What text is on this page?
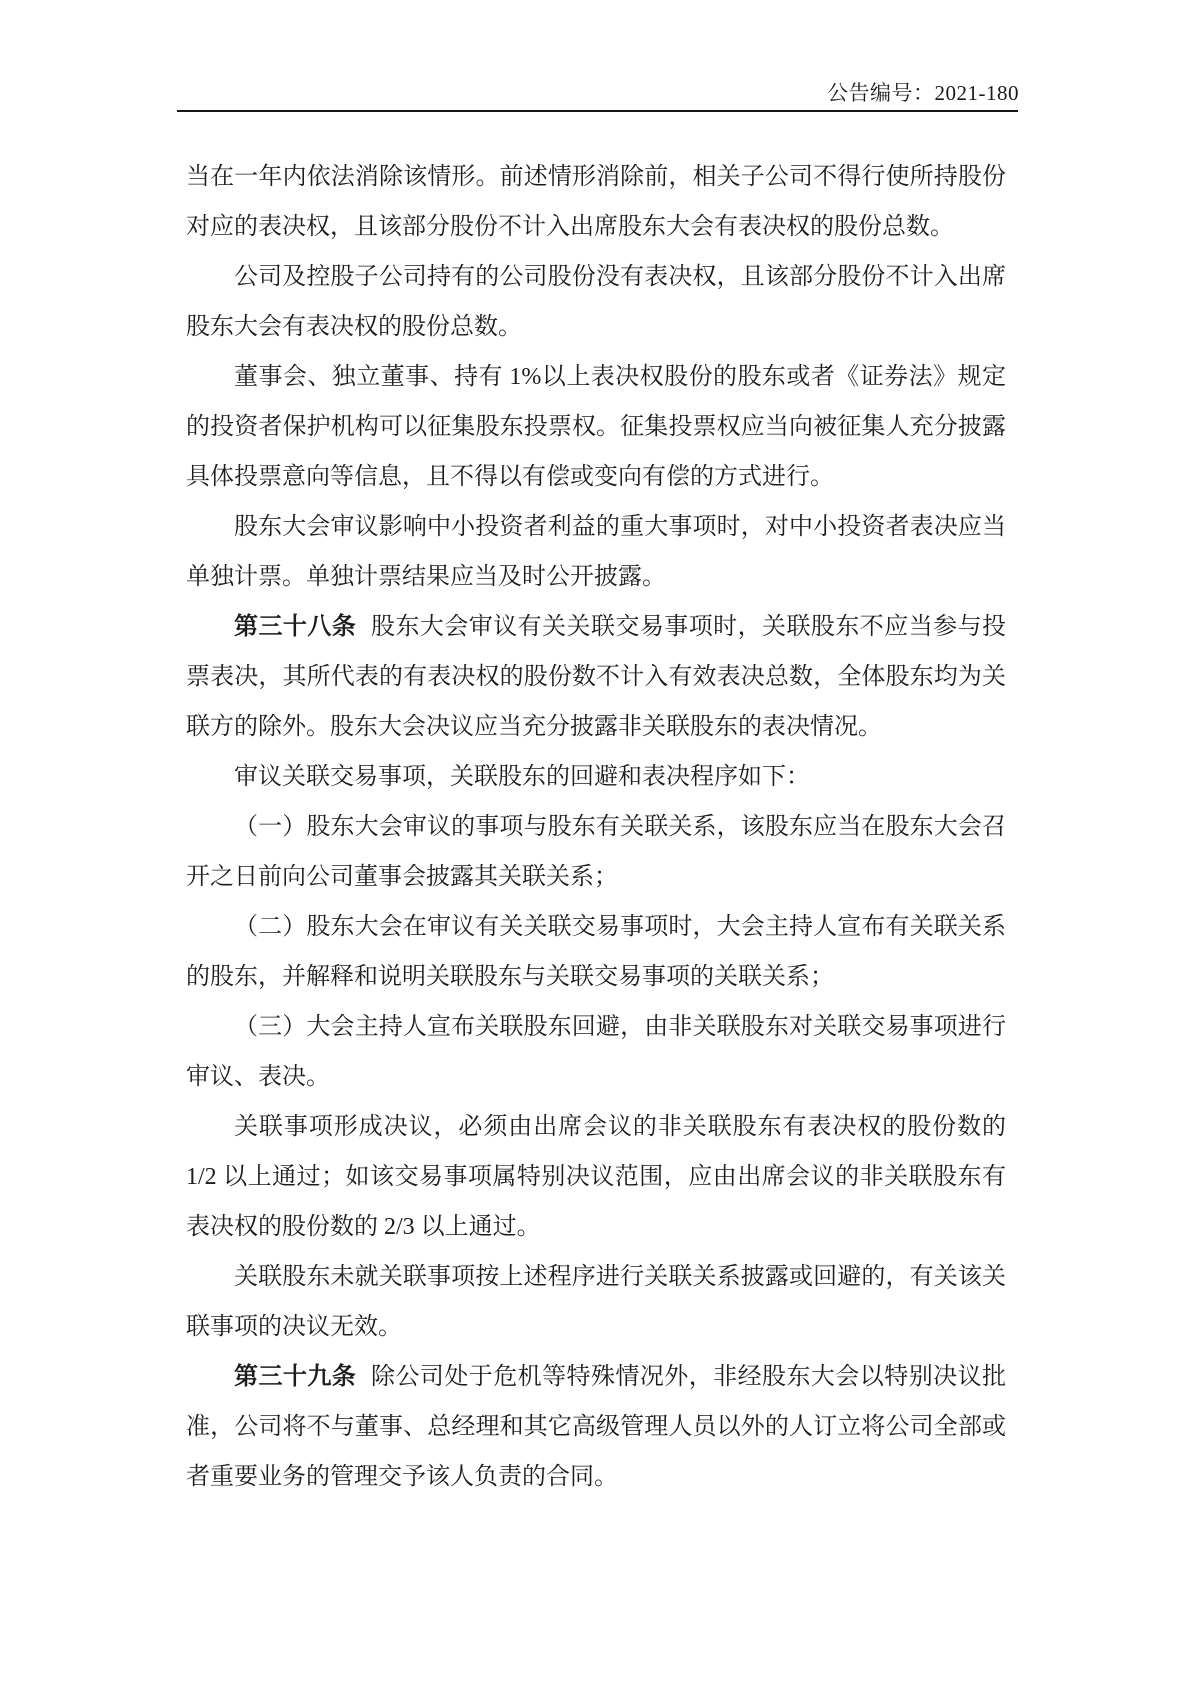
公告编号：2021-180

当在一年内依法消除该情形。前述情形消除前，相关子公司不得行使所持股份对应的表决权，且该部分股份不计入出席股东大会有表决权的股份总数。

公司及控股子公司持有的公司股份没有表决权，且该部分股份不计入出席股东大会有表决权的股份总数。

董事会、独立董事、持有 1%以上表决权股份的股东或者《证券法》规定的投资者保护机构可以征集股东投票权。征集投票权应当向被征集人充分披露具体投票意向等信息，且不得以有偿或变向有偿的方式进行。

股东大会审议影响中小投资者利益的重大事项时，对中小投资者表决应当单独计票。单独计票结果应当及时公开披露。

第三十八条 股东大会审议有关关联交易事项时，关联股东不应当参与投票表决，其所代表的有表决权的股份数不计入有效表决总数，全体股东均为关联方的除外。股东大会决议应当充分披露非关联股东的表决情况。

审议关联交易事项，关联股东的回避和表决程序如下：

（一）股东大会审议的事项与股东有关联关系，该股东应当在股东大会召开之日前向公司董事会披露其关联关系；

（二）股东大会在审议有关关联交易事项时，大会主持人宣布有关联关系的股东，并解释和说明关联股东与关联交易事项的关联关系；

（三）大会主持人宣布关联股东回避，由非关联股东对关联交易事项进行审议、表决。

关联事项形成决议，必须由出席会议的非关联股东有表决权的股份数的 1/2 以上通过；如该交易事项属特别决议范围，应由出席会议的非关联股东有表决权的股份数的 2/3 以上通过。

关联股东未就关联事项按上述程序进行关联关系披露或回避的，有关该关联事项的决议无效。

第三十九条 除公司处于危机等特殊情况外，非经股东大会以特别决议批准，公司将不与董事、总经理和其它高级管理人员以外的人订立将公司全部或者重要业务的管理交予该人负责的合同。
